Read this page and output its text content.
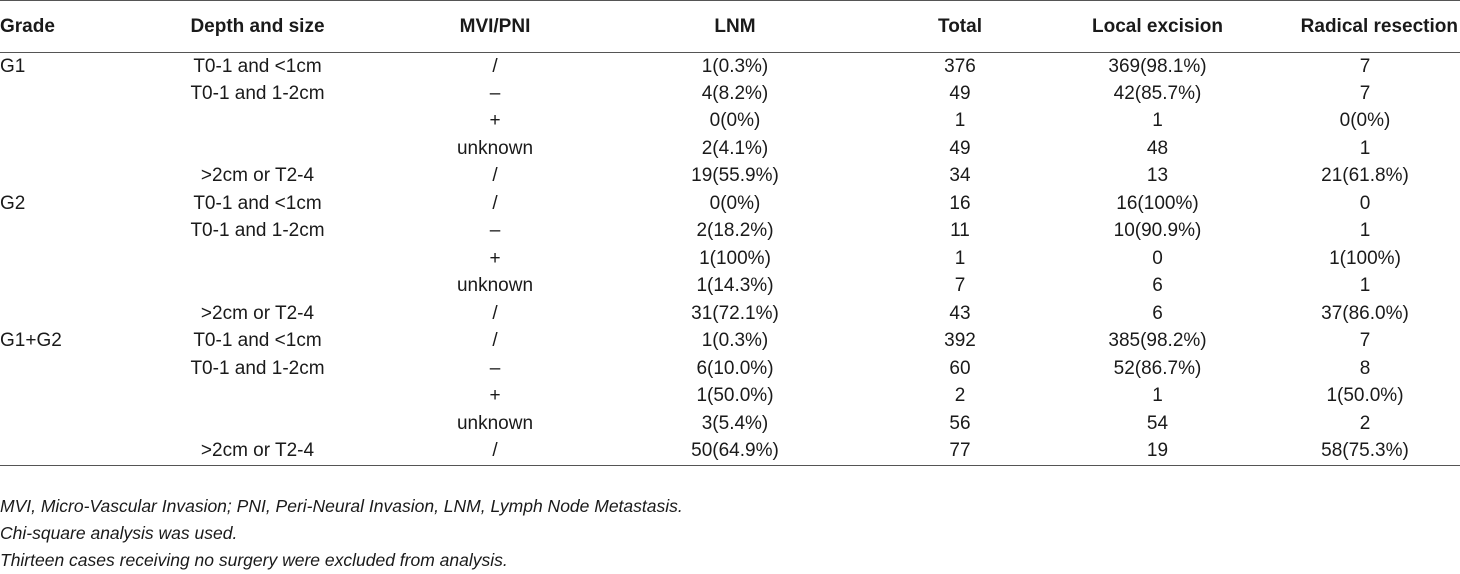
Grade	Depth and size	MVI/PNI	LNM	Total	Local excision	Radical resection
G1	T0-1 and <1cm	/	1(0.3%)	376	369(98.1%)	7
	T0-1 and 1-2cm	–	4(8.2%)	49	42(85.7%)	7
		+	0(0%)	1	1	0(0%)
		unknown	2(4.1%)	49	48	1
	>2cm or T2-4	/	19(55.9%)	34	13	21(61.8%)
G2	T0-1 and <1cm	/	0(0%)	16	16(100%)	0
	T0-1 and 1-2cm	–	2(18.2%)	11	10(90.9%)	1
		+	1(100%)	1	0	1(100%)
		unknown	1(14.3%)	7	6	1
	>2cm or T2-4	/	31(72.1%)	43	6	37(86.0%)
G1+G2	T0-1 and <1cm	/	1(0.3%)	392	385(98.2%)	7
	T0-1 and 1-2cm	–	6(10.0%)	60	52(86.7%)	8
		+	1(50.0%)	2	1	1(50.0%)
		unknown	3(5.4%)	56	54	2
	>2cm or T2-4	/	50(64.9%)	77	19	58(75.3%)
MVI, Micro-Vascular Invasion; PNI, Peri-Neural Invasion, LNM, Lymph Node Metastasis.
Chi-square analysis was used.
Thirteen cases receiving no surgery were excluded from analysis.
